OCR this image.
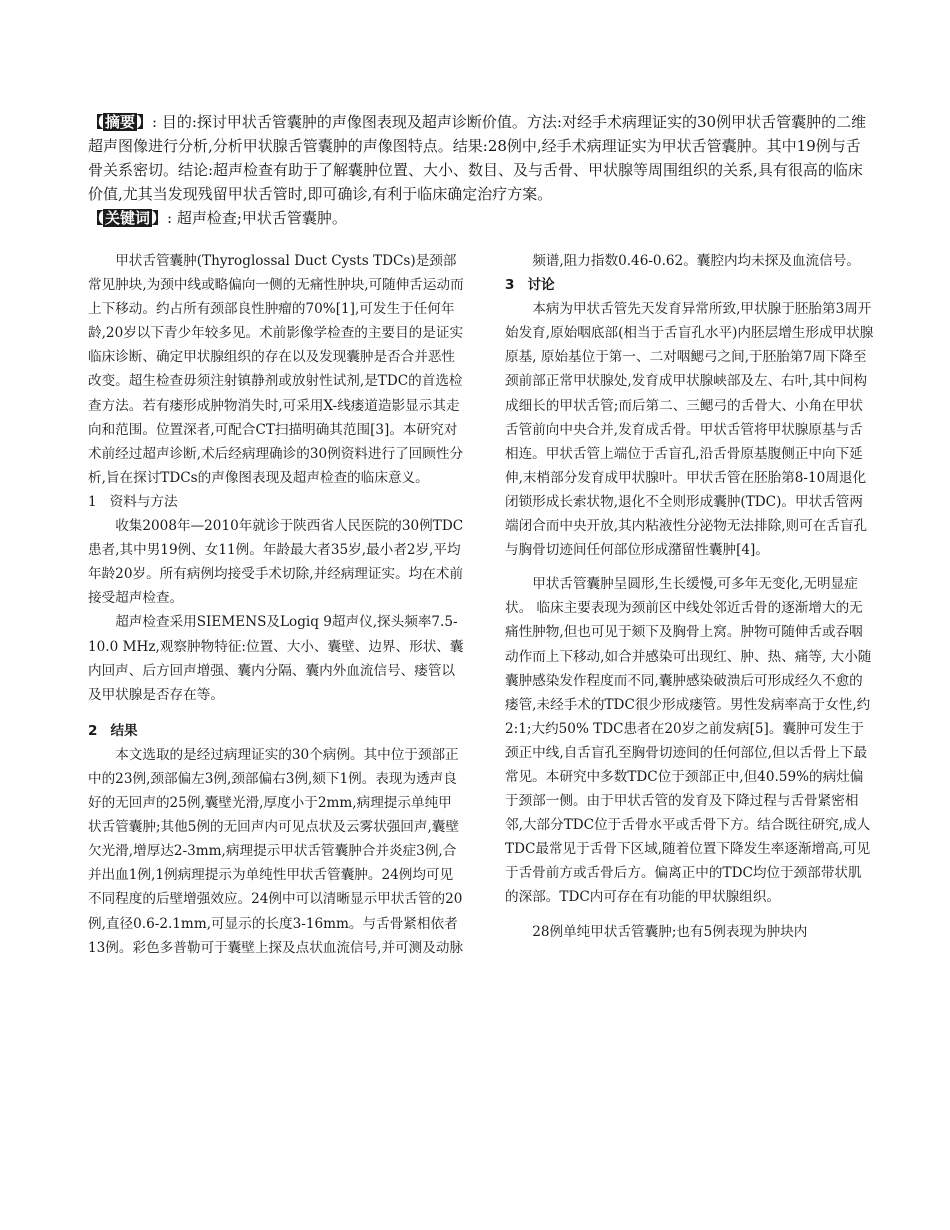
【 摘要 】: 目的:探讨甲状舌管囊肿的声像图表现及超声诊断价值。方法:对经手术病理证实的30例甲状舌管囊肿的二维超声图像进行分析,分析甲状腺舌管囊肿的声像图特点。结果:28例中,经手术病理证实为甲状舌管囊肿。其中19例与舌骨关系密切。结论:超声检查有助于了解囊肿位置、大小、数目、及与舌骨、甲状腺等周围组织的关系,具有很高的临床价值,尤其当发现残留甲状舌管时,即可确诊,有利于临床确定治疗方案。
【 关键词 】: 超声检查;甲状舌管囊肿。

甲状舌管囊肿(Thyroglossal Duct Cysts TDCs)是颈部常见肿块,为颈中线或略偏向一侧的无痛性肿块,可随伸舌运动而上下移动。约占所有颈部良性肿瘤的70%[1],可发生于任何年龄,20岁以下青少年较多见。术前影像学检查的主要目的是证实临床诊断、确定甲状腺组织的存在以及发现囊肿是否合并恶性改变。超生检查毋须注射镇静剂或放射性试剂,是TDC的首选检查方法。若有瘘形成肿物消失时,可采用X-线瘘道造影显示其走向和范围。位置深者,可配合CT扫描明确其范围[3]。本研究对术前经过超声诊断,术后经病理确诊的30例资料进行了回顾性分析,旨在探讨TDCs的声像图表现及超声检查的临床意义。

1 资料与方法

收集2008年—2010年就诊于陕西省人民医院的30例TDC患者,其中男19例、女11例。年龄最大者35岁,最小者2岁,平均年龄20岁。所有病例均接受手术切除,并经病理证实。均在术前接受超声检查。

超声检查采用SIEMENS及Logiq 9超声仪,探头频率7.5-10.0 MHz,观察肿物特征:位置、大小、囊壁、边界、形状、囊内回声、后方回声增强、囊内分隔、囊内外血流信号、瘘管以及甲状腺是否存在等。

2 结果

本文选取的是经过病理证实的30个病例。其中位于颈部正中的23例,颈部偏左3例,颈部偏右3例,颏下1例。表现为透声良好的无回声的25例,囊壁光滑,厚度小于2mm,病理提示单纯甲状舌管囊肿;其他5例的无回声内可见点状及云雾状强回声,囊壁欠光滑,增厚达2-3mm,病理提示甲状舌管囊肿合并炎症3例,合并出血1例,1例病理提示为单纯性甲状舌管囊肿。24例均可见不同程度的后壁增强效应。24例中可以清晰显示甲状舌管的20例,直径0.6-2.1mm,可显示的长度3-16mm。与舌骨紧相依者13例。彩色多普勒可于囊壁上探及点状血流信号,并可测及动脉

频谱,阻力指数0.46-0.62。囊腔内均未探及血流信号。

3 讨论

本病为甲状舌管先天发育异常所致,甲状腺于胚胎第3周开始发育,原始咽底部(相当于舌盲孔水平)内胚层增生形成甲状腺原基, 原始基位于第一、二对咽鳃弓之间,于胚胎第7周下降至颈前部正常甲状腺处,发育成甲状腺峡部及左、右叶,其中间构成细长的甲状舌管;而后第二、三鳃弓的舌骨大、小角在甲状舌管前向中央合并,发育成舌骨。甲状舌管将甲状腺原基与舌相连。甲状舌管上端位于舌盲孔,沿舌骨原基腹侧正中向下延伸,末梢部分发育成甲状腺叶。甲状舌管在胚胎第8-10周退化闭锁形成长索状物,退化不全则形成囊肿(TDC)。甲状舌管两端闭合而中央开放,其内粘液性分泌物无法排除,则可在舌盲孔与胸骨切迹间任何部位形成潴留性囊肿[4]。

甲状舌管囊肿呈圆形,生长缓慢,可多年无变化,无明显症状。 临床主要表现为颈前区中线处邻近舌骨的逐渐增大的无痛性肿物,但也可见于颏下及胸骨上窝。肿物可随伸舌或吞咽动作而上下移动,如合并感染可出现红、肿、热、痛等, 大小随囊肿感染发作程度而不同,囊肿感染破溃后可形成经久不愈的瘘管,未经手术的TDC很少形成瘘管。男性发病率高于女性,约2:1;大约50% TDC患者在20岁之前发病[5]。囊肿可发生于颈正中线,自舌盲孔至胸骨切迹间的任何部位,但以舌骨上下最常见。本研究中多数TDC位于颈部正中,但40.59%的病灶偏于颈部一侧。由于甲状舌管的发育及下降过程与舌骨紧密相邻,大部分TDC位于舌骨水平或舌骨下方。结合既往研究,成人TDC最常见于舌骨下区域,随着位置下降发生率逐渐增高,可见于舌骨前方或舌骨后方。偏离正中的TDC均位于颈部带状肌的深部。TDC内可存在有功能的甲状腺组织。

28例单纯甲状舌管囊肿;也有5例表现为肿块内
